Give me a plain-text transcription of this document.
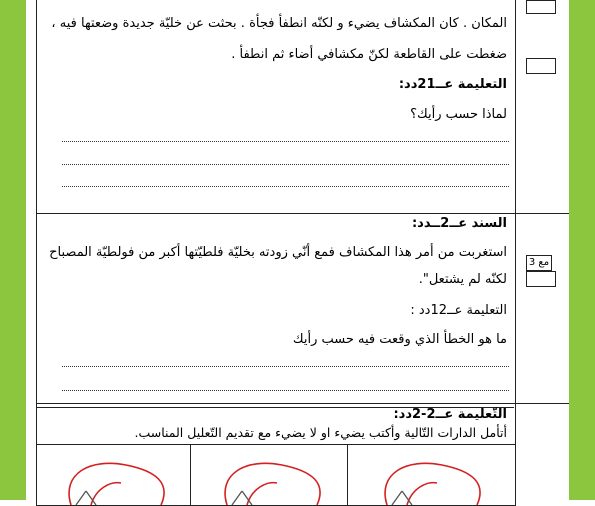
مع 3
المكان . كان المكشاف يضيء و لكنّه انطفأ فجأة . بحثت عن خليّة جديدة وضعتها فيه ،
ضغطت على القاطعة لكنّ مكشافي أضاء ثم انطفأ .
التعليمة عــ21دد:
لماذا حسب رأيك؟
السند عــ2ــدد:
استغربت من أمر هذا المكشاف فمع أنّي زودته بخليّة فلطيّتها أكبر من فولطيّة المصباح
لكنّه لم يشتعل".
التعليمة عــ12دد :
ما هو الخطأ الذي وقعت فيه حسب رأيك
التّعليمة عــ2-2دد:
أتأمل الدارات التّالية وأكتب يضيء او لا يضيء مع تقديم التّعليل المناسب.
